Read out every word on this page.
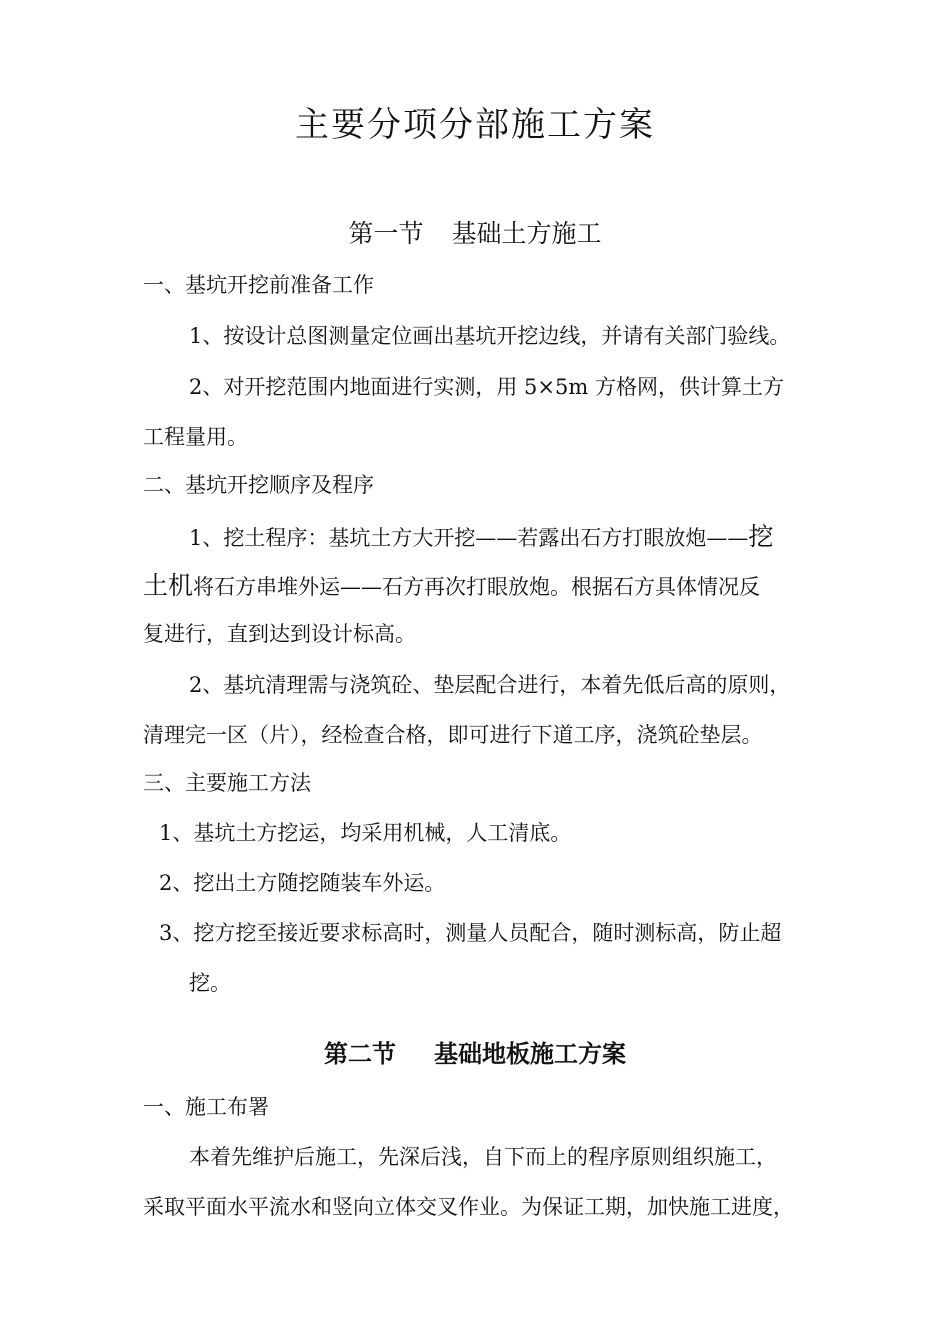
主要分项分部施工方案
第一节 基础土方施工
一、基坑开挖前准备工作
1、按设计总图测量定位画出基坑开挖边线，并请有关部门验线。
2、对开挖范围内地面进行实测，用 5×5m 方格网，供计算土方
工程量用。
二、基坑开挖顺序及程序
1、挖土程序：基坑土方大开挖——若露出石方打眼放炮——挖
土机将石方串堆外运——石方再次打眼放炮。根据石方具体情况反
复进行，直到达到设计标高。
2、基坑清理需与浇筑砼、垫层配合进行，本着先低后高的原则，
清理完一区（片），经检查合格，即可进行下道工序，浇筑砼垫层。
三、主要施工方法
1、基坑土方挖运，均采用机械，人工清底。
2、挖出土方随挖随装车外运。
3、挖方挖至接近要求标高时，测量人员配合，随时测标高，防止超
挖。
第二节 基础地板施工方案
一、施工布署
本着先维护后施工，先深后浅，自下而上的程序原则组织施工，
采取平面水平流水和竖向立体交叉作业。为保证工期，加快施工进度，
